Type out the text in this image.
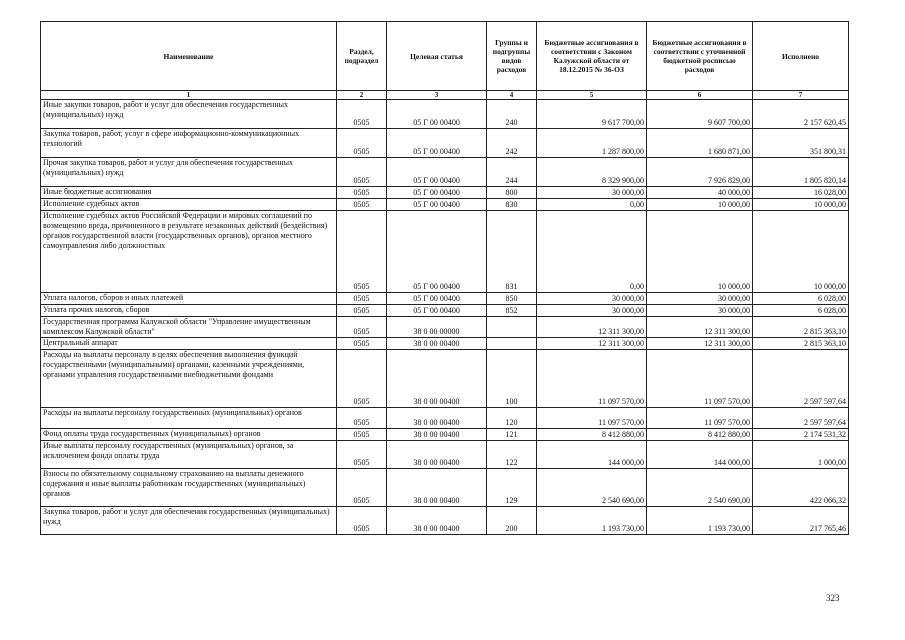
Наименование	Раздел, подраздел	Целевая статья	Группы и подгруппы видов расходов	Бюджетные ассигнования в соответствии с Законом Калужской области от 18.12.2015 № 36-ОЗ	Бюджетные ассигнования в соответствии с уточненной бюджетной росписью расходов	Исполнено
1	2	3	4	5	6	7
Иные закупки товаров, работ и услуг для обеспечения государственных (муниципальных) нужд	0505	05 Г 00 00400	240	9 617 700,00	9 607 700,00	2 157 620,45
Закупка товаров, работ, услуг в сфере информационно-коммуникационных технологий	0505	05 Г 00 00400	242	1 287 800,00	1 680 871,00	351 800,31
Прочая закупка товаров, работ и услуг для обеспечения государственных (муниципальных) нужд	0505	05 Г 00 00400	244	8 329 900,00	7 926 829,00	1 805 820,14
Иные бюджетные ассигнования	0505	05 Г 00 00400	800	30 000,00	40 000,00	16 028,00
Исполнение судебных актов	0505	05 Г 00 00400	830	0,00	10 000,00	10 000,00
Исполнение судебных актов Российской Федерации и мировых соглашений по возмещению вреда, причиненного в результате незаконных действий (бездействия) органов государственной власти (государственных органов), органов местного самоуправления либо должностных	0505	05 Г 00 00400	831	0,00	10 000,00	10 000,00
Уплата налогов, сборов и иных платежей	0505	05 Г 00 00400	850	30 000,00	30 000,00	6 028,00
Уплата прочих налогов, сборов	0505	05 Г 00 00400	852	30 000,00	30 000,00	6 028,00
Государственная программа Калужской области "Управление имущественным комплексом Калужской области"	0505	38 0 00 00000		12 311 300,00	12 311 300,00	2 815 363,10
Центральный аппарат	0505	38 0 00 00400		12 311 300,00	12 311 300,00	2 815 363,10
Расходы на выплаты персоналу в целях обеспечения выполнения функций государственными (муниципальными) органами, казенными учреждениями, органами управления государственными внебюджетными фондами	0505	38 0 00 00400	100	11 097 570,00	11 097 570,00	2 597 597,64
Расходы на выплаты персоналу государственных (муниципальных) органов	0505	38 0 00 00400	120	11 097 570,00	11 097 570,00	2 597 597,64
Фонд оплаты труда государственных (муниципальных) органов	0505	38 0 00 00400	121	8 412 880,00	8 412 880,00	2 174 531,32
Иные выплаты персоналу государственных (муниципальных) органов, за исключением фонда оплаты труда	0505	38 0 00 00400	122	144 000,00	144 000,00	1 000,00
Взносы по обязательному социальному страхованию на выплаты денежного содержания и иные выплаты работникам государственных (муниципальных) органов	0505	38 0 00 00400	129	2 540 690,00	2 540 690,00	422 066,32
Закупка товаров, работ и услуг для обеспечения государственных (муниципальных) нужд	0505	38 0 00 00400	200	1 193 730,00	1 193 730,00	217 765,46
323
